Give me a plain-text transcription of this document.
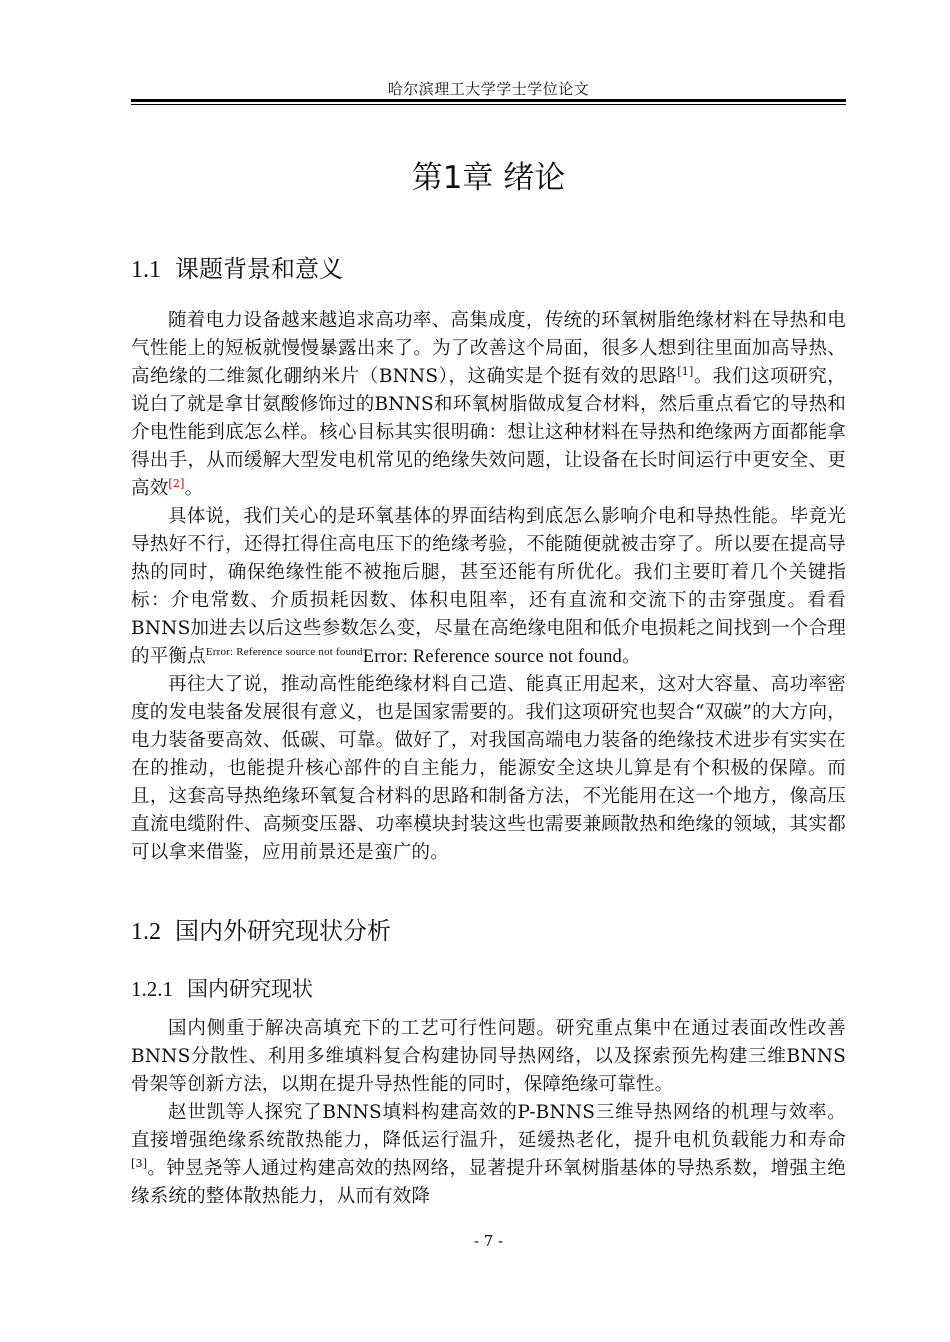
哈尔滨理工大学学士学位论文
第1章 绪论
1.1 课题背景和意义

随着电力设备越来越追求高功率、高集成度，传统的环氧树脂绝缘材料在导热和电气性能上的短板就慢慢暴露出来了。为了改善这个局面，很多人想到往里面加高导热、高绝缘的二维氮化硼纳米片（BNNS），这确实是个挺有效的思路[1]。我们这项研究，说白了就是拿甘氨酸修饰过的BNNS和环氧树脂做成复合材料，然后重点看它的导热和介电性能到底怎么样。核心目标其实很明确：想让这种材料在导热和绝缘两方面都能拿得出手，从而缓解大型发电机常见的绝缘失效问题，让设备在长时间运行中更安全、更高效[2]。

具体说，我们关心的是环氧基体的界面结构到底怎么影响介电和导热性能。毕竟光导热好不行，还得扛得住高电压下的绝缘考验，不能随便就被击穿了。所以要在提高导热的同时，确保绝缘性能不被拖后腿，甚至还能有所优化。我们主要盯着几个关键指标：介电常数、介质损耗因数、体积电阻率，还有直流和交流下的击穿强度。看看BNNS加进去以后这些参数怎么变，尽量在高绝缘电阻和低介电损耗之间找到一个合理的平衡点$^{Error: Reference source not found}$Error: Reference source not found。

再往大了说，推动高性能绝缘材料自己造、能真正用起来，这对大容量、高功率密度的发电装备发展很有意义，也是国家需要的。我们这项研究也契合“双碳”的大方向，电力装备要高效、低碳、可靠。做好了，对我国高端电力装备的绝缘技术进步有实实在在的推动，也能提升核心部件的自主能力，能源安全这块儿算是有个积极的保障。而且，这套高导热绝缘环氧复合材料的思路和制备方法，不光能用在这一个地方，像高压直流电缆附件、高频变压器、功率模块封装这些也需要兼顾散热和绝缘的领域，其实都可以拿来借鉴，应用前景还是蛮广的。

1.2 国内外研究现状分析
1.2.1 国内研究现状

国内侧重于解决高填充下的工艺可行性问题。研究重点集中在通过表面改性改善BNNS分散性、利用多维填料复合构建协同导热网络，以及探索预先构建三维BNNS骨架等创新方法，以期在提升导热性能的同时，保障绝缘可靠性。

赵世凯等人探究了BNNS填料构建高效的P-BNNS三维导热网络的机理与效率。直接增强绝缘系统散热能力，降低运行温升，延缓热老化，提升电机负载能力和寿命[3]。钟昱尧等人通过构建高效的热网络，显著提升环氧树脂基体的导热系数，增强主绝缘系统的整体散热能力，从而有效降

- 7 -
